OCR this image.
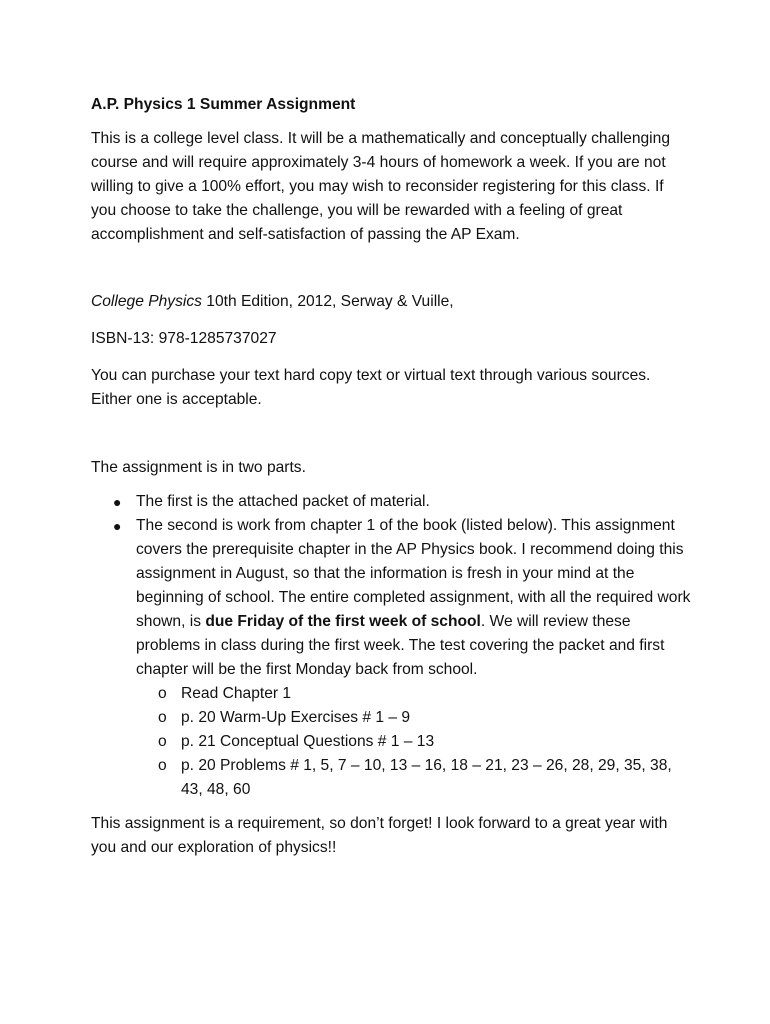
A.P. Physics 1 Summer Assignment

This is a college level class. It will be a mathematically and conceptually challenging course and will require approximately 3-4 hours of homework a week. If you are not willing to give a 100% effort, you may wish to reconsider registering for this class. If you choose to take the challenge, you will be rewarded with a feeling of great accomplishment and self-satisfaction of passing the AP Exam.

College Physics 10th Edition, 2012, Serway & Vuille,

ISBN-13: 978-1285737027

You can purchase your text hard copy text or virtual text through various sources. Either one is acceptable.

The assignment is in two parts.

● The first is the attached packet of material.
● The second is work from chapter 1 of the book (listed below). This assignment covers the prerequisite chapter in the AP Physics book. I recommend doing this assignment in August, so that the information is fresh in your mind at the beginning of school. The entire completed assignment, with all the required work shown, is due Friday of the first week of school. We will review these problems in class during the first week. The test covering the packet and first chapter will be the first Monday back from school.
o Read Chapter 1
o p. 20 Warm-Up Exercises # 1 – 9
o p. 21 Conceptual Questions # 1 – 13
o p. 20 Problems # 1, 5, 7 – 10, 13 – 16, 18 – 21, 23 – 26, 28, 29, 35, 38, 43, 48, 60

This assignment is a requirement, so don’t forget! I look forward to a great year with you and our exploration of physics!!
